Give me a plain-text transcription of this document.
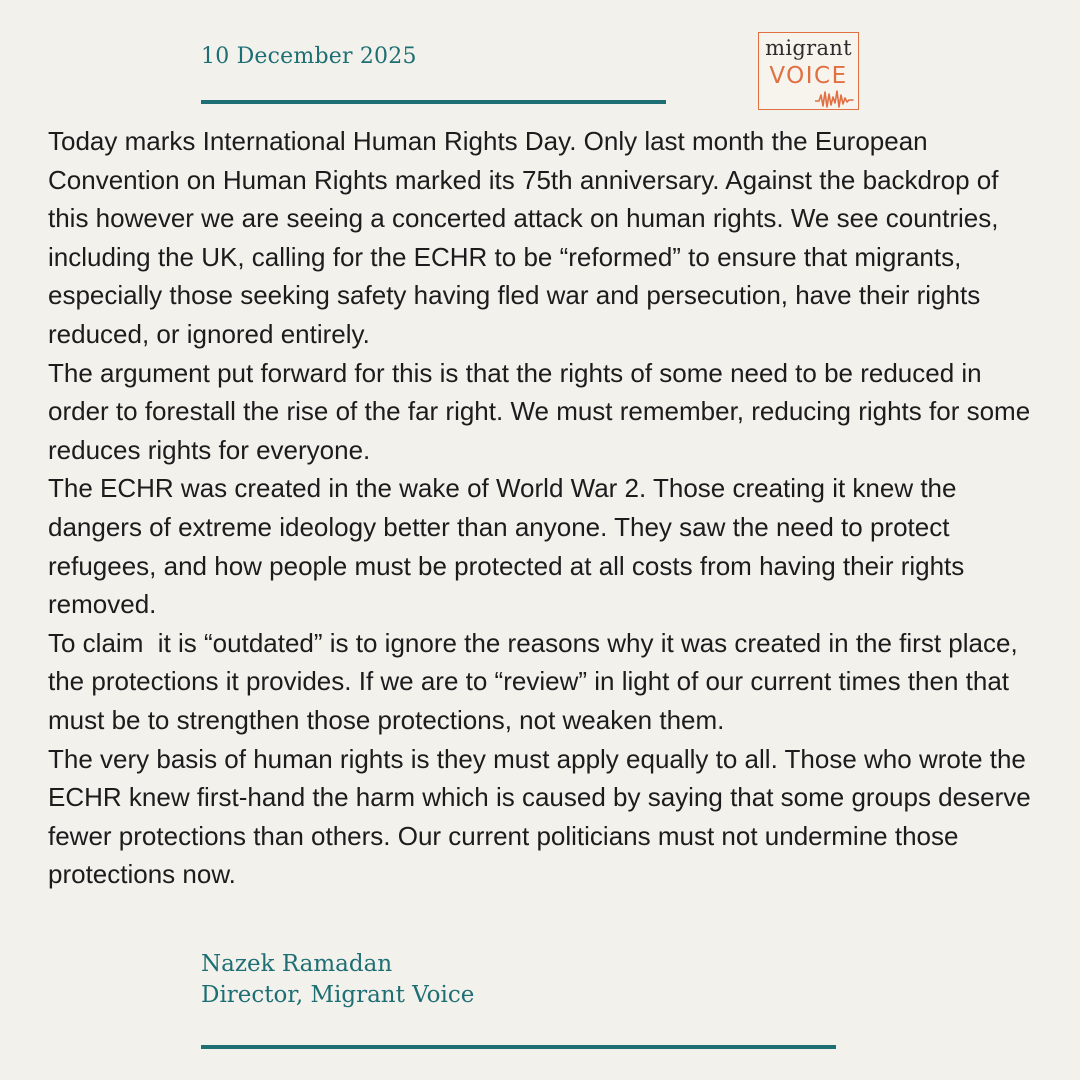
10 December 2025	migrant
VOICE

Today marks International Human Rights Day. Only last month the European Convention on Human Rights marked its 75th anniversary. Against the backdrop of this however we are seeing a concerted attack on human rights. We see countries, including the UK, calling for the ECHR to be “reformed” to ensure that migrants, especially those seeking safety having fled war and persecution, have their rights reduced, or ignored entirely.

The argument put forward for this is that the rights of some need to be reduced in order to forestall the rise of the far right. We must remember, reducing rights for some reduces rights for everyone.

The ECHR was created in the wake of World War 2. Those creating it knew the dangers of extreme ideology better than anyone. They saw the need to protect refugees, and how people must be protected at all costs from having their rights removed.

To claim  it is “outdated” is to ignore the reasons why it was created in the first place, the protections it provides. If we are to “review” in light of our current times then that must be to strengthen those protections, not weaken them.

The very basis of human rights is they must apply equally to all. Those who wrote the ECHR knew first-hand the harm which is caused by saying that some groups deserve fewer protections than others. Our current politicians must not undermine those protections now.

Nazek Ramadan
Director, Migrant Voice
